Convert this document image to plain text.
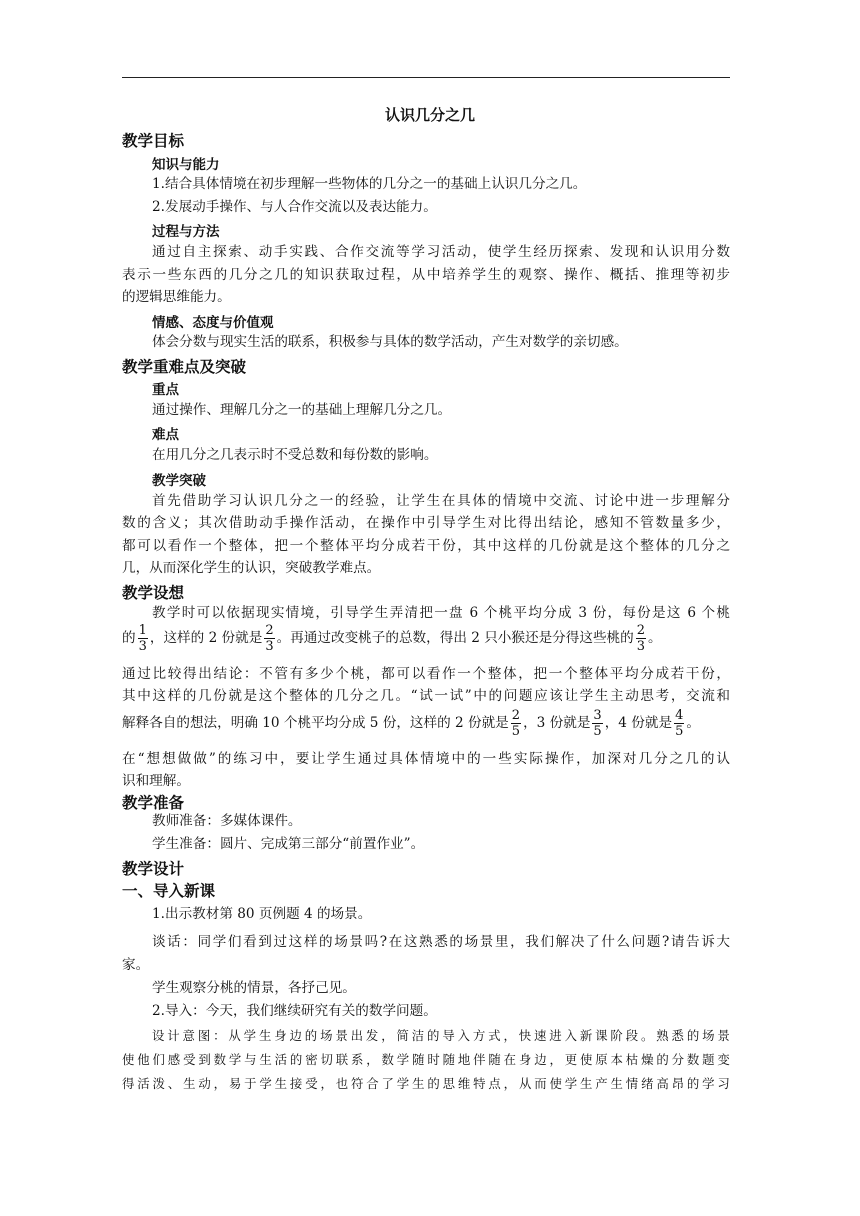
认识几分之几
教学目标
知识与能力
1.结合具体情境在初步理解一些物体的几分之一的基础上认识几分之几。
2.发展动手操作、与人合作交流以及表达能力。
过程与方法
通过自主探索、动手实践、合作交流等学习活动，使学生经历探索、发现和认识用分数
表示一些东西的几分之几的知识获取过程，从中培养学生的观察、操作、概括、推理等初步
的逻辑思维能力。
情感、态度与价值观
体会分数与现实生活的联系，积极参与具体的数学活动，产生对数学的亲切感。
教学重难点及突破
重点
通过操作、理解几分之一的基础上理解几分之几。
难点
在用几分之几表示时不受总数和每份数的影响。
教学突破
首先借助学习认识几分之一的经验，让学生在具体的情境中交流、讨论中进一步理解分
数的含义；其次借助动手操作活动，在操作中引导学生对比得出结论，感知不管数量多少，
都可以看作一个整体，把一个整体平均分成若干份，其中这样的几份就是这个整体的几分之
几，从而深化学生的认识，突破教学难点。
教学设想
教学时可以依据现实情境，引导学生弄清把一盘 6 个桃平均分成 3 份，每份是这 6 个桃
的 $\frac{1}{3}$ ，这样的 2 份就是 $\frac{2}{3}$ 。再通过改变桃子的总数，得出 2 只小猴还是分得这些桃的 $\frac{2}{3}$ 。
通过比较得出结论：不管有多少个桃，都可以看作一个整体，把一个整体平均分成若干份，
其中这样的几份就是这个整体的几分之几。“试一试”中的问题应该让学生主动思考，交流和
解释各自的想法，明确 10 个桃平均分成 5 份，这样的 2 份就是 $\frac{2}{5}$ ，3 份就是 $\frac{3}{5}$ ，4 份就是 $\frac{4}{5}$ 。
在“想想做做”的练习中，要让学生通过具体情境中的一些实际操作，加深对几分之几的认
识和理解。
教学准备
教师准备：多媒体课件。
学生准备：圆片、完成第三部分“前置作业”。
教学设计
一、导入新课
1.出示教材第 80 页例题 4 的场景。
谈话：同学们看到过这样的场景吗?在这熟悉的场景里，我们解决了什么问题?请告诉大
家。
学生观察分桃的情景，各抒己见。
2.导入：今天，我们继续研究有关的数学问题。
设计意图：从学生身边的场景出发，简洁的导入方式，快速进入新课阶段。熟悉的场景
使他们感受到数学与生活的密切联系，数学随时随地伴随在身边，更使原本枯燥的分数题变
得活泼、生动，易于学生接受，也符合了学生的思维特点，从而使学生产生情绪高昂的学习
